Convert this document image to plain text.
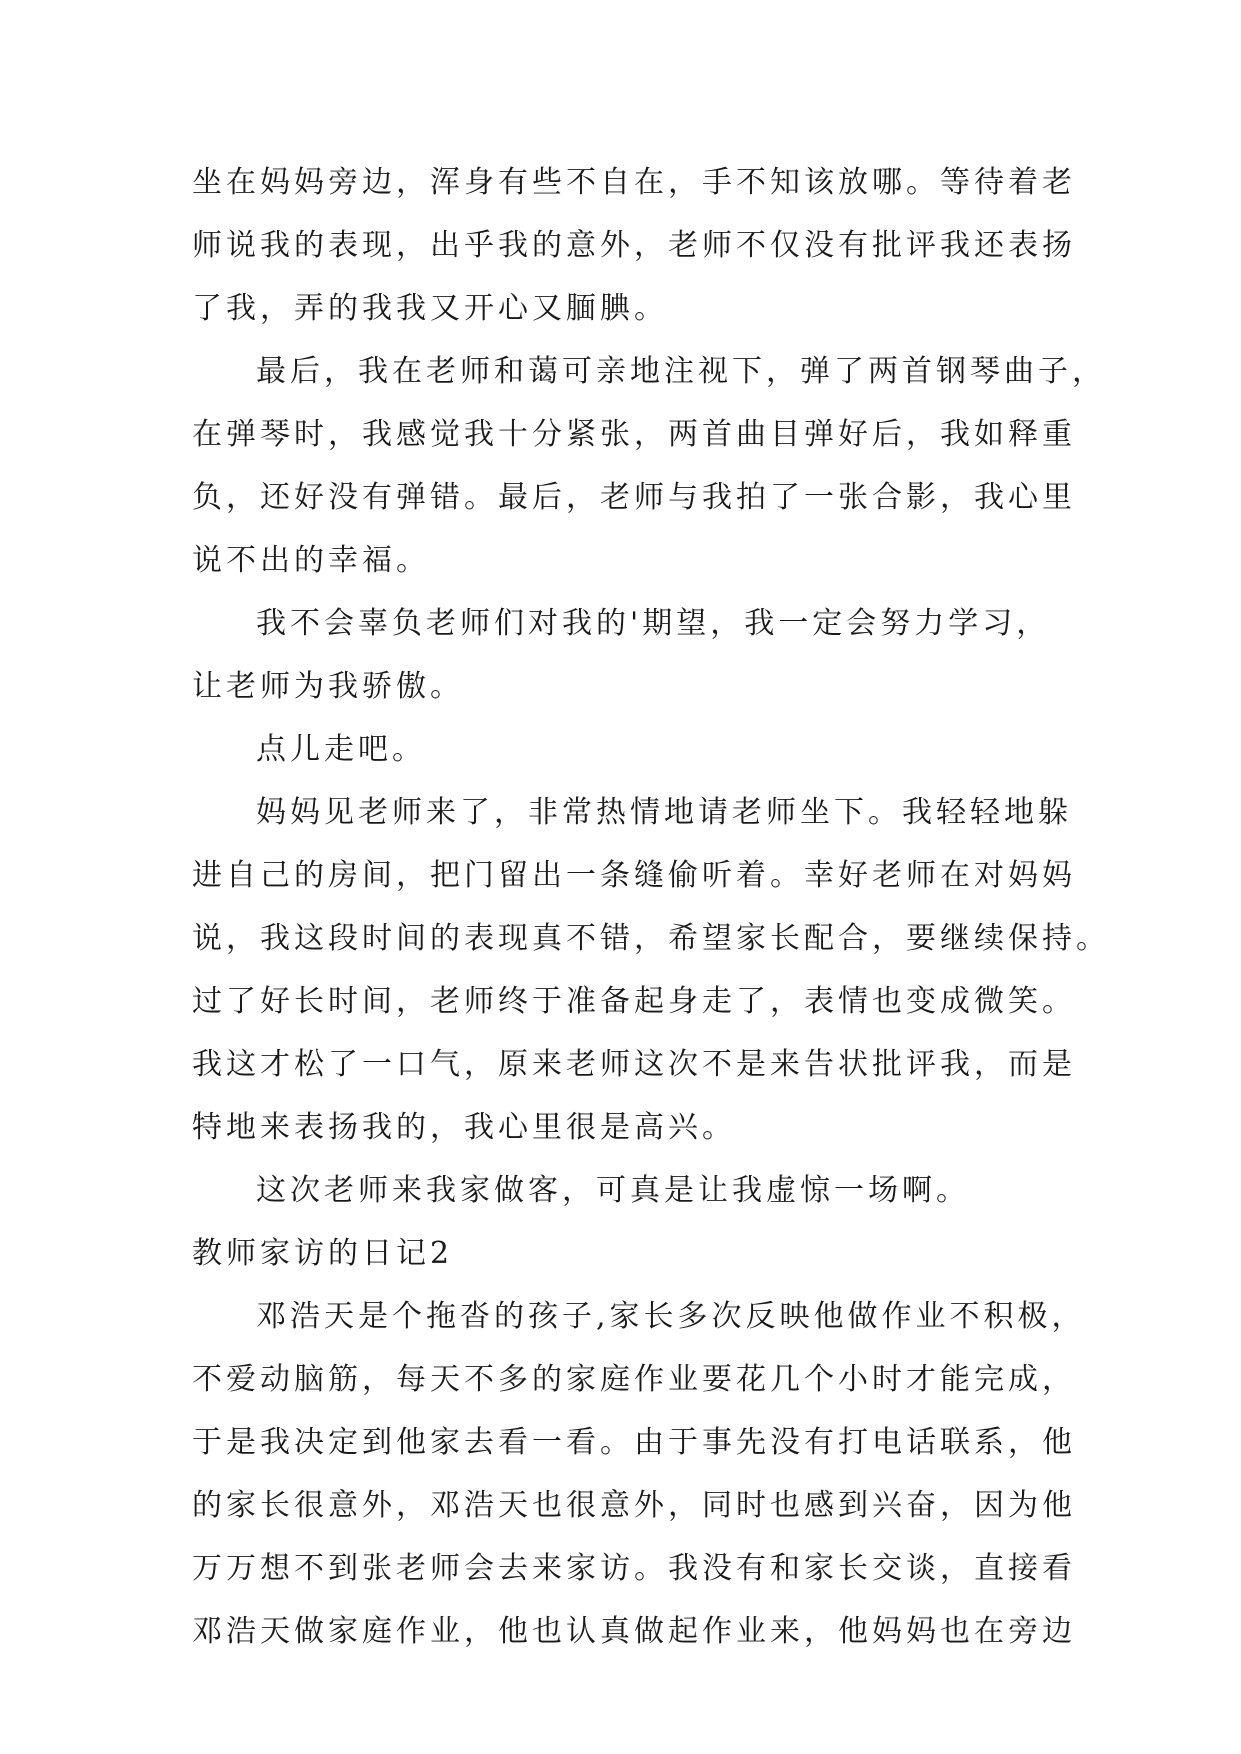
坐在妈妈旁边，浑身有些不自在，手不知该放哪。等待着老
师说我的表现，出乎我的意外，老师不仅没有批评我还表扬
了我，弄的我我又开心又腼腆。
最后，我在老师和蔼可亲地注视下，弹了两首钢琴曲子，
在弹琴时，我感觉我十分紧张，两首曲目弹好后，我如释重
负，还好没有弹错。最后，老师与我拍了一张合影，我心里
说不出的幸福。
我不会辜负老师们对我的'期望，我一定会努力学习，
让老师为我骄傲。
点儿走吧。
妈妈见老师来了，非常热情地请老师坐下。我轻轻地躲
进自己的房间，把门留出一条缝偷听着。幸好老师在对妈妈
说，我这段时间的表现真不错，希望家长配合，要继续保持。
过了好长时间，老师终于准备起身走了，表情也变成微笑。
我这才松了一口气，原来老师这次不是来告状批评我，而是
特地来表扬我的，我心里很是高兴。
这次老师来我家做客，可真是让我虚惊一场啊。
教师家访的日记2
邓浩天是个拖沓的孩子,家长多次反映他做作业不积极，
不爱动脑筋，每天不多的家庭作业要花几个小时才能完成，
于是我决定到他家去看一看。由于事先没有打电话联系，他
的家长很意外，邓浩天也很意外，同时也感到兴奋，因为他
万万想不到张老师会去来家访。我没有和家长交谈，直接看
邓浩天做家庭作业，他也认真做起作业来，他妈妈也在旁边
